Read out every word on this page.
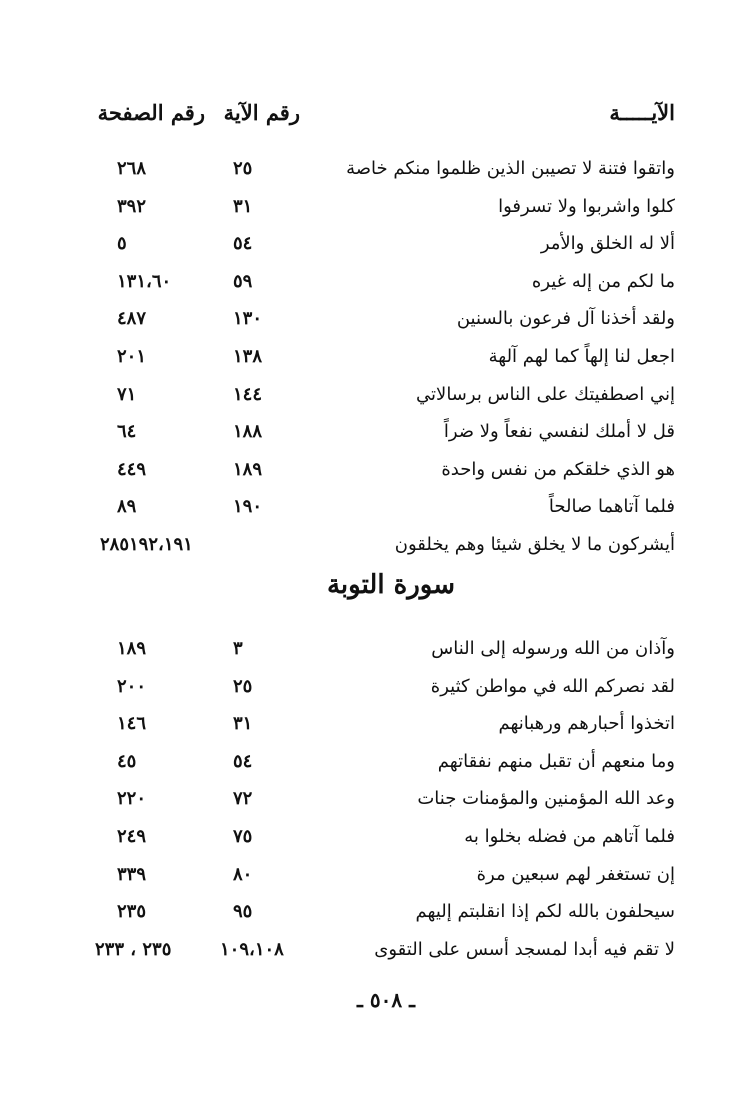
الآيـــــة
رقم الآية
رقم الصفحة
واتقوا فتنة لا تصيبن الذين ظلموا منكم خاصة
٢٥
٢٦٨
كلوا واشربوا ولا تسرفوا
٣١
٣٩٢
ألا له الخلق والأمر
٥٤
٥
ما لكم من إله غيره
٥٩
١٣١،٦٠
ولقد أخذنا آل فرعون بالسنين
١٣٠
٤٨٧
اجعل لنا إلهاً كما لهم آلهة
١٣٨
٢٠١
إني اصطفيتك على الناس برسالاتي
١٤٤
٧١
قل لا أملك لنفسي نفعاً ولا ضراً
١٨٨
٦٤
هو الذي خلقكم من نفس واحدة
١٨٩
٤٤٩
فلما آتاهما صالحاً
١٩٠
٨٩
أيشركون ما لا يخلق شيئا وهم يخلقون
٢٨٥١٩٢،١٩١
سورة التوبة
وآذان من الله ورسوله إلى الناس
٣
١٨٩
لقد نصركم الله في مواطن كثيرة
٢٥
٢٠٠
اتخذوا أحبارهم ورهبانهم
٣١
١٤٦
وما منعهم أن تقبل منهم نفقاتهم
٥٤
٤٥
وعد الله المؤمنين والمؤمنات جنات
٧٢
٢٢٠
فلما آتاهم من فضله بخلوا به
٧٥
٢٤٩
إن تستغفر لهم سبعين مرة
٨٠
٣٣٩
سيحلفون بالله لكم إذا انقلبتم إليهم
٩٥
٢٣٥
لا تقم فيه أبدا لمسجد أسس على التقوى
١٠٩،١٠٨
٢٣٥ ، ٢٣٣
ـ ٥٠٨ ـ
